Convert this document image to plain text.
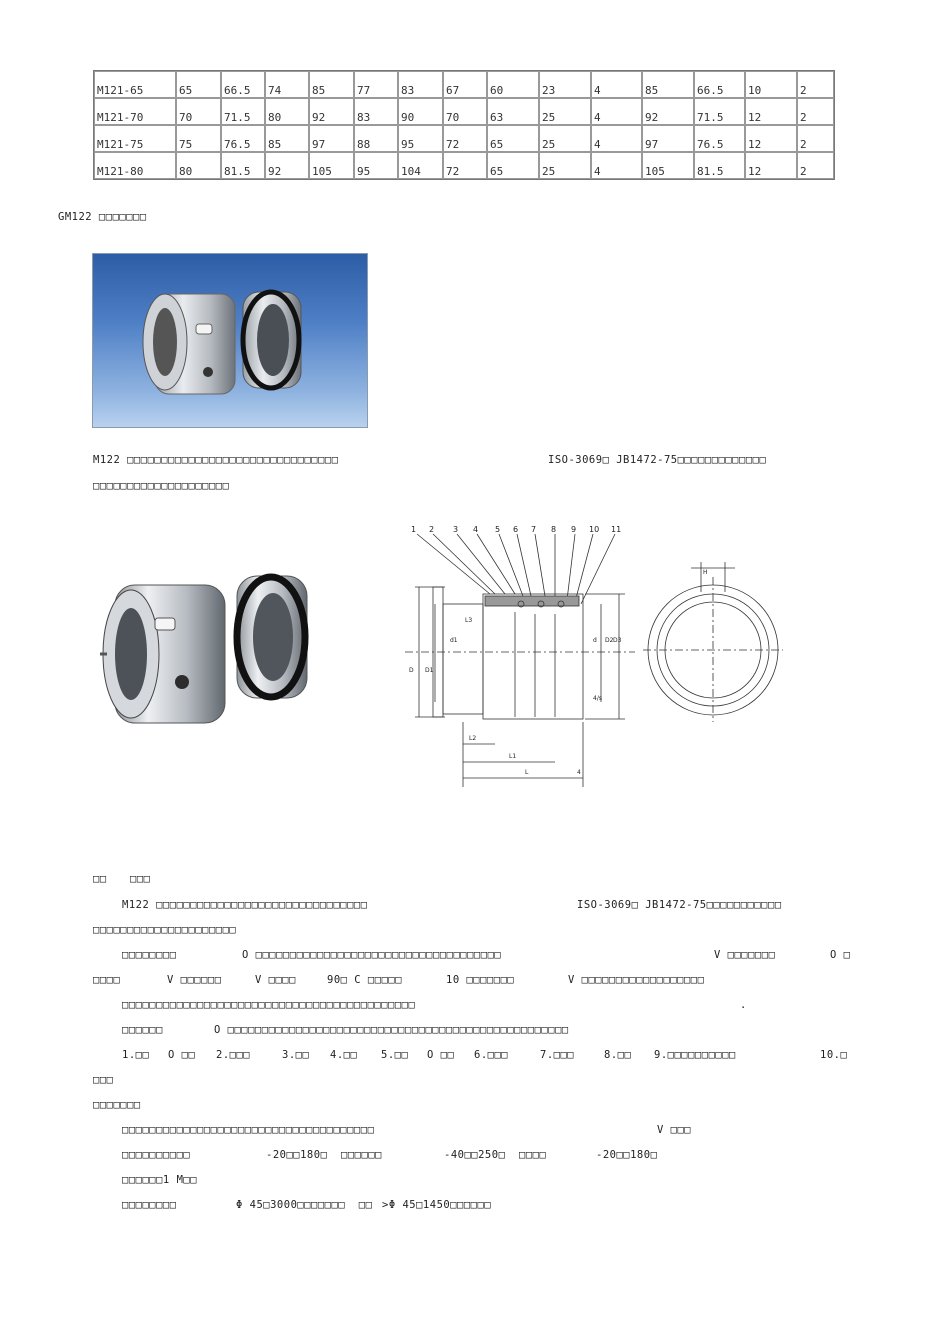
M121-65	65	66.5	74	85	77	83	67	60	23	4	85	66.5	10	2
M121-70	70	71.5	80	92	83	90	70	63	25	4	92	71.5	12	2
M121-75	75	76.5	85	97	88	95	72	65	25	4	97	76.5	12	2
M121-80	80	81.5	92	105	95	104	72	65	25	4	105	81.5	12	2
GM122 □□□□□□□
M122 □□□□□□□□□□□□□□□□□□□□□□□□□□□□□□□	ISO-3069□ JB1472-75□□□□□□□□□□□□□
□□□□□□□□□□□□□□□□□□□□
1 2 3 4 5 6 7 8 9 10 11
D D1
d1
L3
d D2 D3
L2
L1
L	4
H
4/s
□□ □□□
M122 □□□□□□□□□□□□□□□□□□□□□□□□□□□□□□□	ISO-3069□ JB1472-75□□□□□□□□□□□
□□□□□□□□□□□□□□□□□□□□□
□□□□□□□□	O □□□□□□□□□□□□□□□□□□□□□□□□□□□□□□□□□□□□	V □□□□□□□	O □
□□□□	V □□□□□□	V □□□□	90□ C □□□□□	10 □□□□□□□	V □□□□□□□□□□□□□□□□□□
□□□□□□□□□□□□□□□□□□□□□□□□□□□□□□□□□□□□□□□□□□□	.
□□□□□□	O □□□□□□□□□□□□□□□□□□□□□□□□□□□□□□□□□□□□□□□□□□□□□□□□□□
1.□□ O □□ 2.□□□	3.□□ 4.□□ 5.□□ O □□ 6.□□□	7.□□□	8.□□ 9.□□□□□□□□□□	10.□
□□□
□□□□□□□
□□□□□□□□□□□□□□□□□□□□□□□□□□□□□□□□□□□□□	V □□□
□□□□□□□□□□	-20□□180□  □□□□□□	-40□□250□  □□□□	-20□□180□
□□□□□□1 M□□
□□□□□□□□	Φ 45□3000□□□□□□□  □□ >Φ 45□1450□□□□□□
